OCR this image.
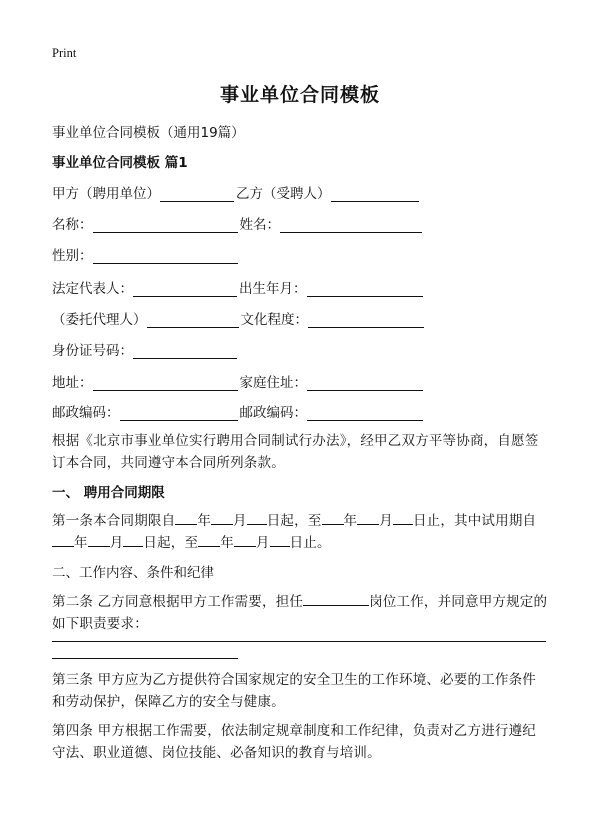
Print
事业单位合同模板
事业单位合同模板（通用19篇）
事业单位合同模板 篇1
甲方（聘用单位）	乙方（受聘人）
名称：	姓名：
性别：
法定代表人：	出生年月：
（委托代理人）	文化程度：
身份证号码：
地址：	家庭住址：
邮政编码：	邮政编码：
根据《北京市事业单位实行聘用合同制试行办法》，经甲乙双方平等协商，自愿签订本合同，共同遵守本合同所列条款。
一、 聘用合同期限
第一条本合同期限自 年 月 日起，至 年 月 日止，其中试用期自
年 月 日起，至 年 月 日止。
二、工作内容、条件和纪律
第二条 乙方同意根据甲方工作需要，担任	岗位工作，并同意甲方规定的如下职责要求：
第三条 甲方应为乙方提供符合国家规定的安全卫生的工作环境、必要的工作条件和劳动保护，保障乙方的安全与健康。
第四条 甲方根据工作需要，依法制定规章制度和工作纪律，负责对乙方进行遵纪守法、职业道德、岗位技能、必备知识的教育与培训。
